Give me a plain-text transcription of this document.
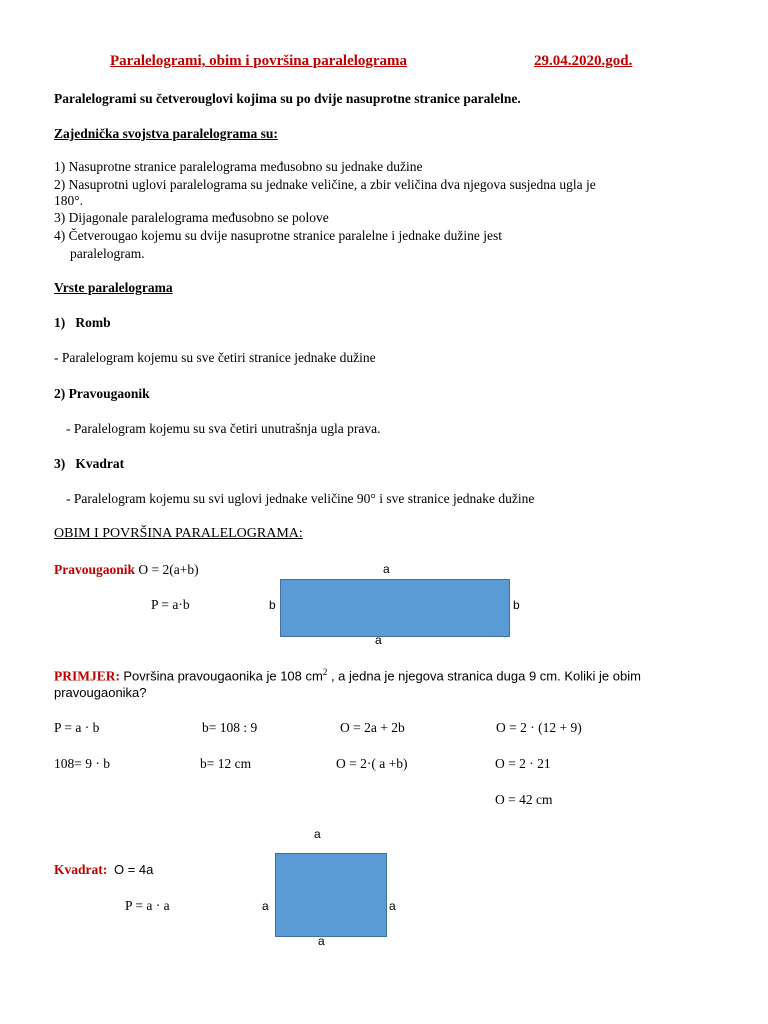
Paralelogrami, obim i površina paralelograma	29.04.2020.god.
Paralelogrami su četverouglovi kojima su po dvije nasuprotne stranice paralelne.
Zajednička svojstva paralelograma su:
1) Nasuprotne stranice paralelograma međusobno su jednake dužine
2) Nasuprotni uglovi paralelograma su jednake veličine, a zbir veličina dva njegova susjedna ugla je
180°.
3) Dijagonale paralelograma međusobno se polove
4) Četverougao kojemu su dvije nasuprotne stranice paralelne i jednake dužine jest
paralelogram.
Vrste paralelograma
1) Romb
- Paralelogram kojemu su sve četiri stranice jednake dužine
2) Pravougaonik
- Paralelogram kojemu su sva četiri unutrašnja ugla prava.
3) Kvadrat
- Paralelogram kojemu su svi uglovi jednake veličine 90° i sve stranice jednake dužine
OBIM I POVRŠINA PARALELOGRAMA:
Pravougaonik O = 2(a+b)
P = a·b
a
a
b	b
PRIMJER: Površina pravougaonika je 108 $cm^2$ , a jedna je njegova stranica duga 9 cm. Koliki je obim
pravougaonika?
P = a · b	b= 108 : 9	O = 2a + 2b	O = 2 · (12 + 9)
108= 9 · b	b= 12 cm	O = 2·( a +b)	O = 2 · 21
O = 42 cm
a
Kvadrat: O = 4a
P = a · a	a	a
a
